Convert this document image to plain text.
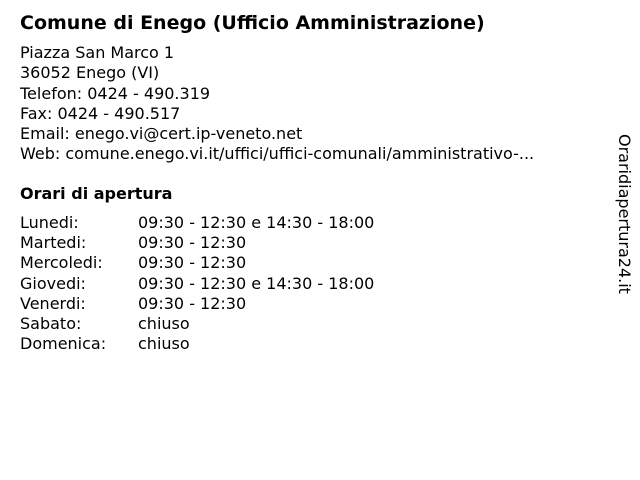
Comune di Enego (Ufficio Amministrazione)
Piazza San Marco 1
36052 Enego (VI)
Telefon: 0424 - 490.319
Fax: 0424 - 490.517
Email: enego.vi@cert.ip-veneto.net
Web: comune.enego.vi.it/uffici/uffici-comunali/amministrativo-...
Orari di apertura
Lunedi:	09:30 - 12:30 e 14:30 - 18:00
Martedi:	09:30 - 12:30
Mercoledi:	09:30 - 12:30
Giovedi:	09:30 - 12:30 e 14:30 - 18:00
Venerdi:	09:30 - 12:30
Sabato:	chiuso
Domenica:	chiuso
Oraridiapertura24.it
